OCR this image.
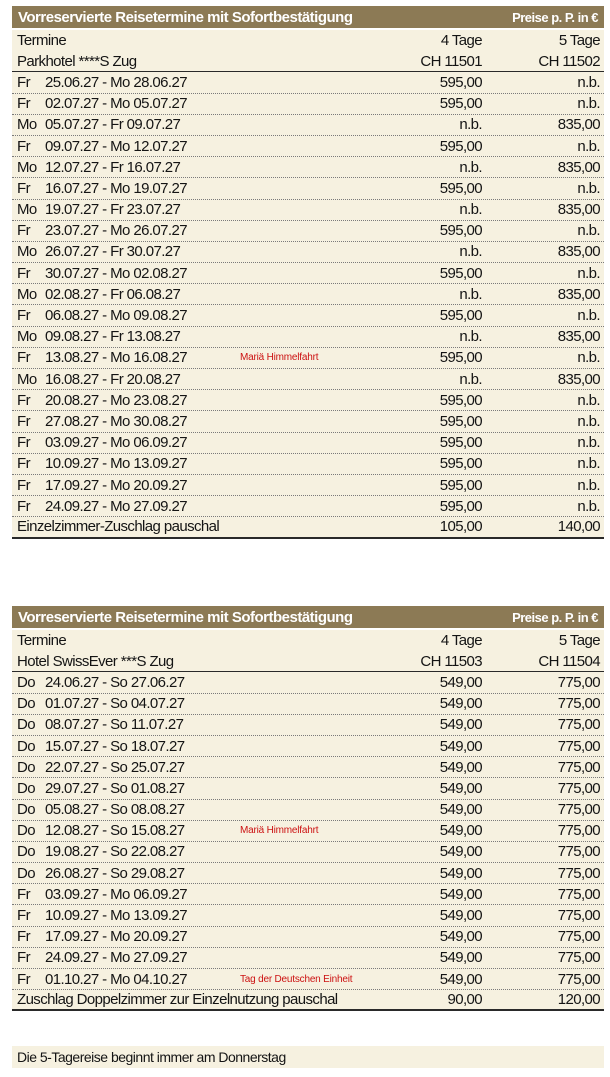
Vorreservierte Reisetermine mit Sofortbestätigung	Preise p. P. in €
Termine	4 Tage	5 Tage
Parkhotel ****S Zug	CH 11501	CH 11502
Fr 25.06.27 - Mo 28.06.27	595,00	n.b.
Fr 02.07.27 - Mo 05.07.27	595,00	n.b.
Mo 05.07.27 - Fr 09.07.27	n.b.	835,00
Fr 09.07.27 - Mo 12.07.27	595,00	n.b.
Mo 12.07.27 - Fr 16.07.27	n.b.	835,00
Fr 16.07.27 - Mo 19.07.27	595,00	n.b.
Mo 19.07.27 - Fr 23.07.27	n.b.	835,00
Fr 23.07.27 - Mo 26.07.27	595,00	n.b.
Mo 26.07.27 - Fr 30.07.27	n.b.	835,00
Fr 30.07.27 - Mo 02.08.27	595,00	n.b.
Mo 02.08.27 - Fr 06.08.27	n.b.	835,00
Fr 06.08.27 - Mo 09.08.27	595,00	n.b.
Mo 09.08.27 - Fr 13.08.27	n.b.	835,00
Fr 13.08.27 - Mo 16.08.27	Mariä Himmelfahrt	595,00	n.b.
Mo 16.08.27 - Fr 20.08.27	n.b.	835,00
Fr 20.08.27 - Mo 23.08.27	595,00	n.b.
Fr 27.08.27 - Mo 30.08.27	595,00	n.b.
Fr 03.09.27 - Mo 06.09.27	595,00	n.b.
Fr 10.09.27 - Mo 13.09.27	595,00	n.b.
Fr 17.09.27 - Mo 20.09.27	595,00	n.b.
Fr 24.09.27 - Mo 27.09.27	595,00	n.b.
Einzelzimmer-Zuschlag pauschal	105,00	140,00
Vorreservierte Reisetermine mit Sofortbestätigung	Preise p. P. in €
Termine	4 Tage	5 Tage
Hotel SwissEver ***S Zug	CH 11503	CH 11504
Do 24.06.27 - So 27.06.27	549,00	775,00
Do 01.07.27 - So 04.07.27	549,00	775,00
Do 08.07.27 - So 11.07.27	549,00	775,00
Do 15.07.27 - So 18.07.27	549,00	775,00
Do 22.07.27 - So 25.07.27	549,00	775,00
Do 29.07.27 - So 01.08.27	549,00	775,00
Do 05.08.27 - So 08.08.27	549,00	775,00
Do 12.08.27 - So 15.08.27	Mariä Himmelfahrt	549,00	775,00
Do 19.08.27 - So 22.08.27	549,00	775,00
Do 26.08.27 - So 29.08.27	549,00	775,00
Fr 03.09.27 - Mo 06.09.27	549,00	775,00
Fr 10.09.27 - Mo 13.09.27	549,00	775,00
Fr 17.09.27 - Mo 20.09.27	549,00	775,00
Fr 24.09.27 - Mo 27.09.27	549,00	775,00
Fr 01.10.27 - Mo 04.10.27	Tag der Deutschen Einheit	549,00	775,00
Zuschlag Doppelzimmer zur Einzelnutzung pauschal	90,00	120,00
Die 5-Tagereise beginnt immer am Donnerstag
